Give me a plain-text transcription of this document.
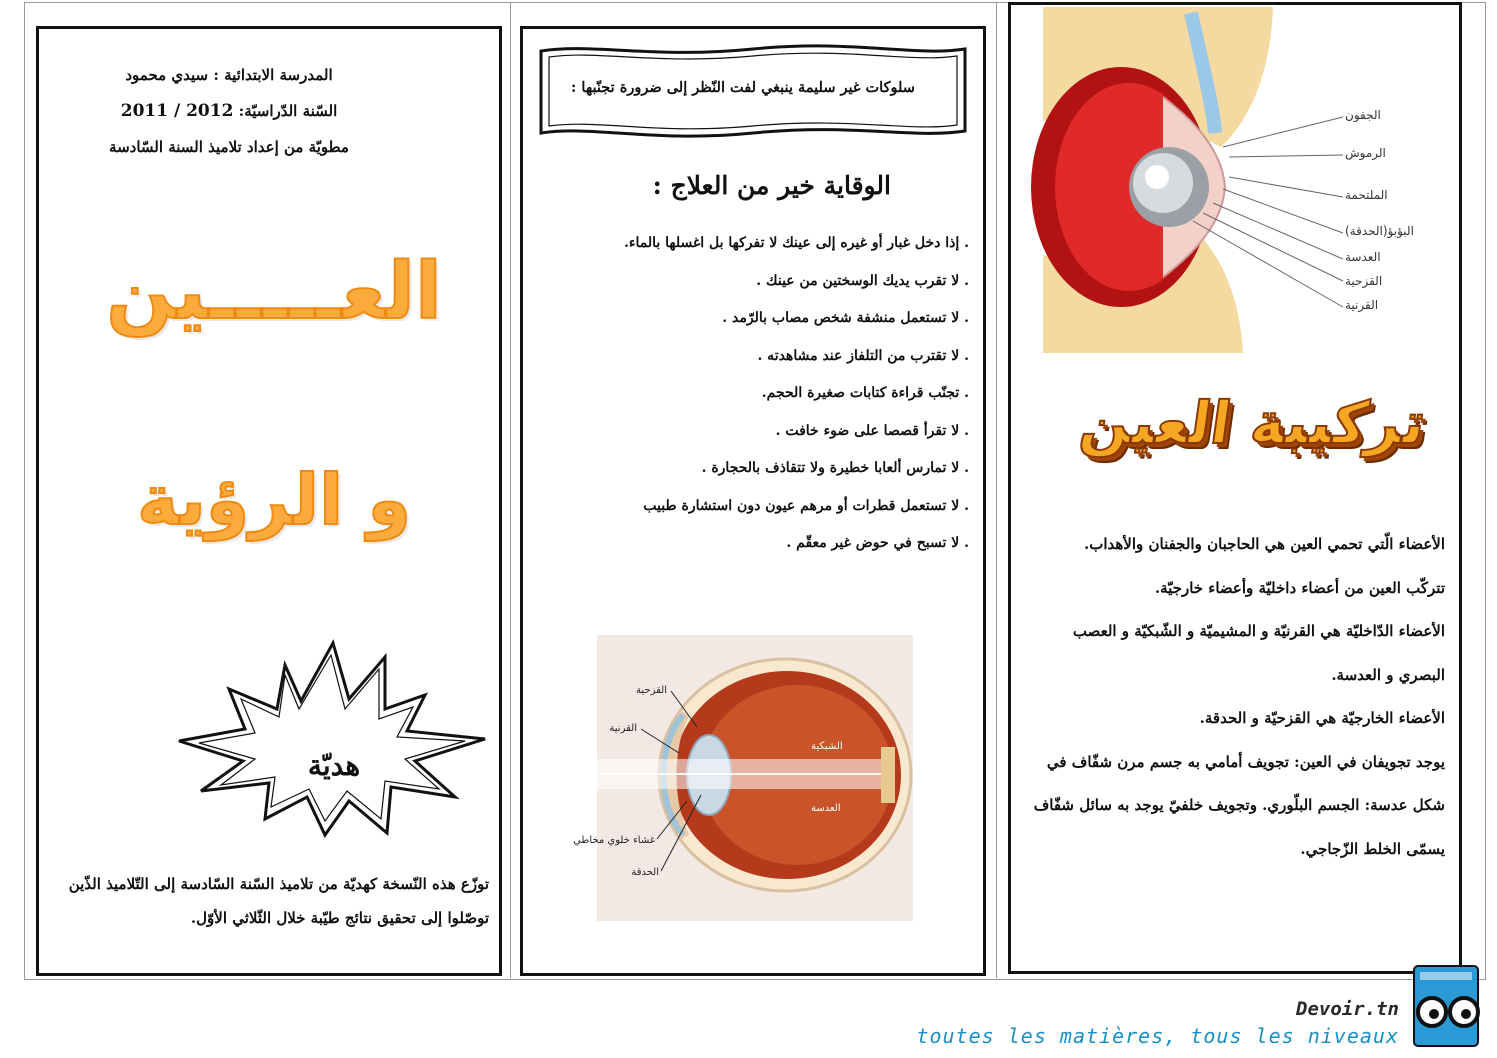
المدرسة الابتدائية : سيدي محمود
السّنة الدّراسيّة: 2011 / 2012
مطويّة من إعداد تلاميذ السنة السّادسة
العـــــين
و الرؤية
هديّة
توزّع هذه النّسخة كهديّة من تلاميذ السّنة السّادسة إلى التّلاميذ الذّين توصّلوا إلى تحقيق نتائج طيّبة خلال الثّلاثي الأوّل.
سلوكات غير سليمة ينبغي لفت النّظر إلى ضرورة تجنّبها :
الوقاية خير من العلاج :
. إذا دخل غبار أو غيره إلى عينك لا تفركها بل اغسلها بالماء.
. لا تقرب يديك الوسختين من عينك .
. لا تستعمل منشفة شخص مصاب بالرّمد .
. لا تقترب من التلفاز عند مشاهدته .
. تجنّب قراءة كتابات صغيرة الحجم.
. لا تقرأ قصصا على ضوء خافت .
. لا تمارس ألعابا خطيرة ولا تتقاذف بالحجارة .
. لا تستعمل قطرات أو مرهم عيون دون استشارة طبيب
. لا تسبح في حوض غير معقّم .
القزحية
القرنية
الشبكية
العدسة
غشاء خلوي مخاطي
الحدقة
الجفون
الرموش
الملتحمة
البؤبؤ(الحدقة)
العدسة
القزحية
القرنية
تركيبة العين

الأعضاء الّتي تحمي العين هي الحاجبان والجفنان والأهداب.

تتركّب العين من أعضاء داخليّة وأعضاء خارجيّة.

الأعضاء الدّاخليّة هي القرنيّة و المشيميّة و الشّبكيّة و العصب البصري و العدسة.

الأعضاء الخارجيّة هي القزحيّة و الحدقة.

يوجد تجويفان في العين: تجويف أمامي به جسم مرن شفّاف في شكل عدسة: الجسم البلّوري. وتجويف خلفيّ يوجد به سائل شفّاف يسمّى الخلط الزّجاجي.

Devoir.tn
toutes les matières, tous les niveaux
